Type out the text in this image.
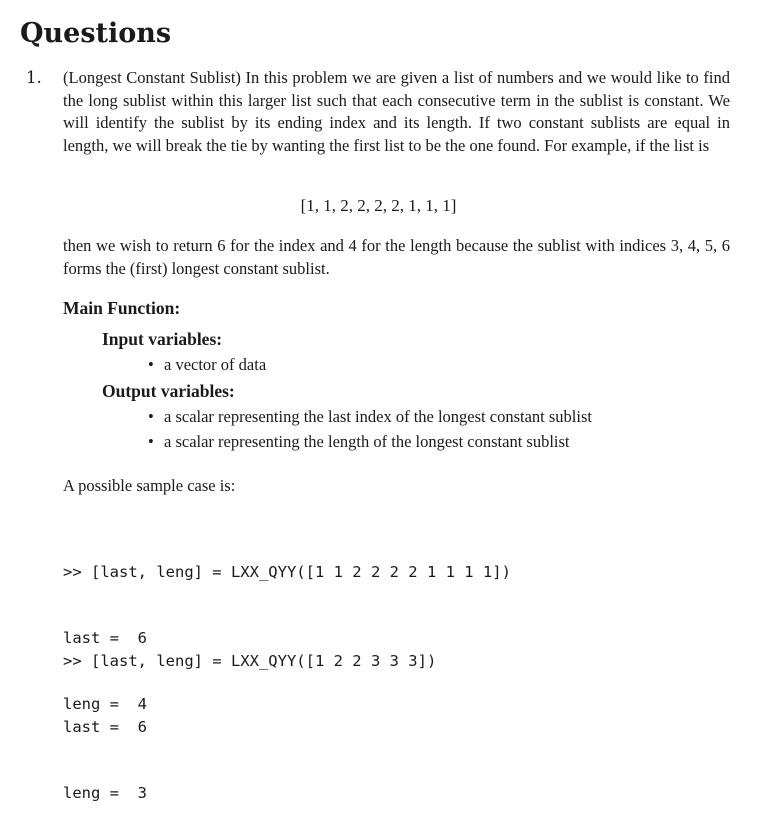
Questions
1. (Longest Constant Sublist) In this problem we are given a list of numbers and we would like to find the long sublist within this larger list such that each consecutive term in the sublist is constant. We will identify the sublist by its ending index and its length. If two constant sublists are equal in length, we will break the tie by wanting the first list to be the one found. For example, if the list is

[1, 1, 2, 2, 2, 2, 1, 1, 1]

then we wish to return 6 for the index and 4 for the length because the sublist with indices 3, 4, 5, 6 forms the (first) longest constant sublist.

Main Function:
Input variables:
• a vector of data
Output variables:
• a scalar representing the last index of the longest constant sublist
• a scalar representing the length of the longest constant sublist
A possible sample case is:

>> [last, leng] = LXX_QYY([1 1 2 2 2 2 1 1 1 1])

last =  6

leng =  4

>> [last, leng] = LXX_QYY([1 2 2 3 3 3])

last =  6

leng =  3
